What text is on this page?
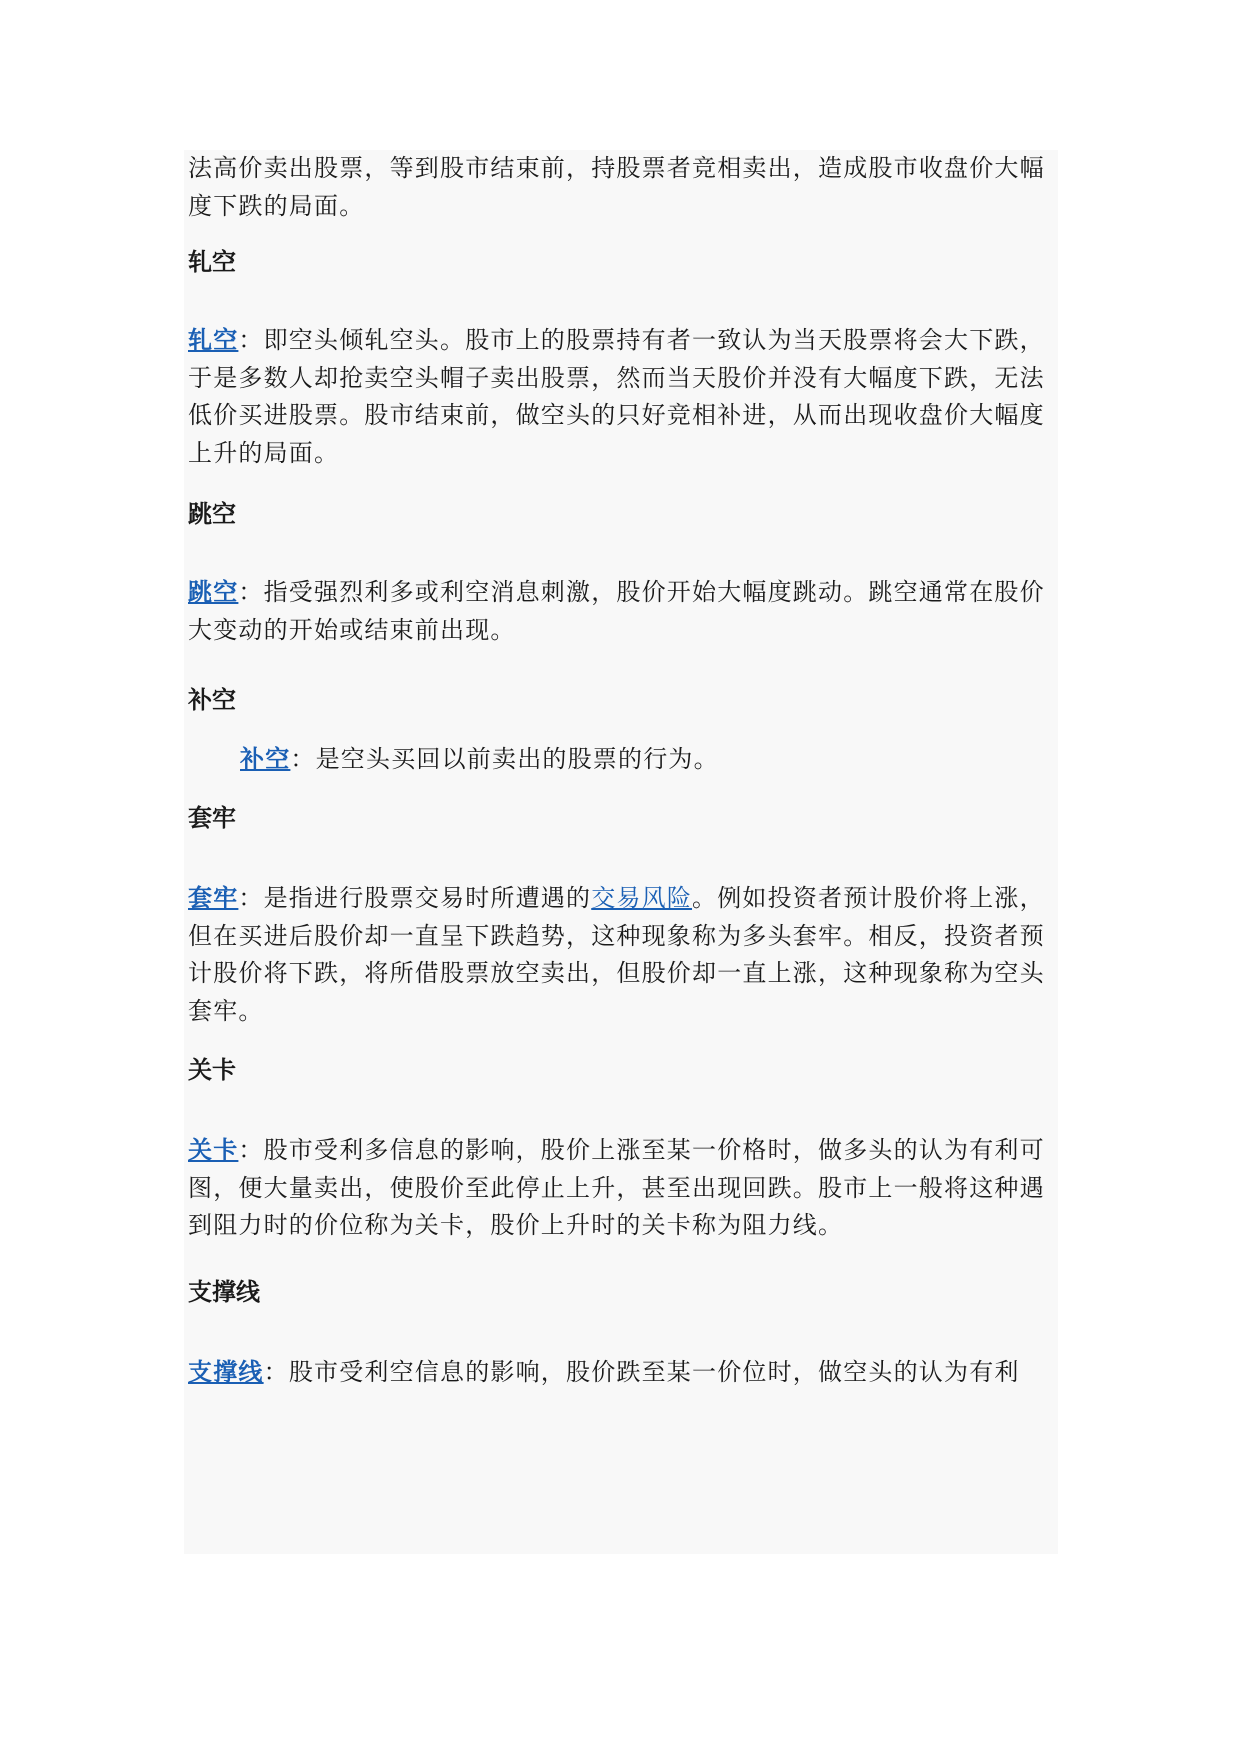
法高价卖出股票，等到股市结束前，持股票者竞相卖出，造成股市收盘价大幅度下跌的局面。

轧空

轧空：即空头倾轧空头。股市上的股票持有者一致认为当天股票将会大下跌，于是多数人却抢卖空头帽子卖出股票，然而当天股价并没有大幅度下跌，无法低价买进股票。股市结束前，做空头的只好竞相补进，从而出现收盘价大幅度上升的局面。

跳空

跳空：指受强烈利多或利空消息刺激，股价开始大幅度跳动。跳空通常在股价大变动的开始或结束前出现。

补空

补空：是空头买回以前卖出的股票的行为。

套牢

套牢：是指进行股票交易时所遭遇的交易风险。例如投资者预计股价将上涨，但在买进后股价却一直呈下跌趋势，这种现象称为多头套牢。相反，投资者预计股价将下跌，将所借股票放空卖出，但股价却一直上涨，这种现象称为空头套牢。

关卡

关卡：股市受利多信息的影响，股价上涨至某一价格时，做多头的认为有利可图，便大量卖出，使股价至此停止上升，甚至出现回跌。股市上一般将这种遇到阻力时的价位称为关卡，股价上升时的关卡称为阻力线。

支撑线

支撑线：股市受利空信息的影响，股价跌至某一价位时，做空头的认为有利
